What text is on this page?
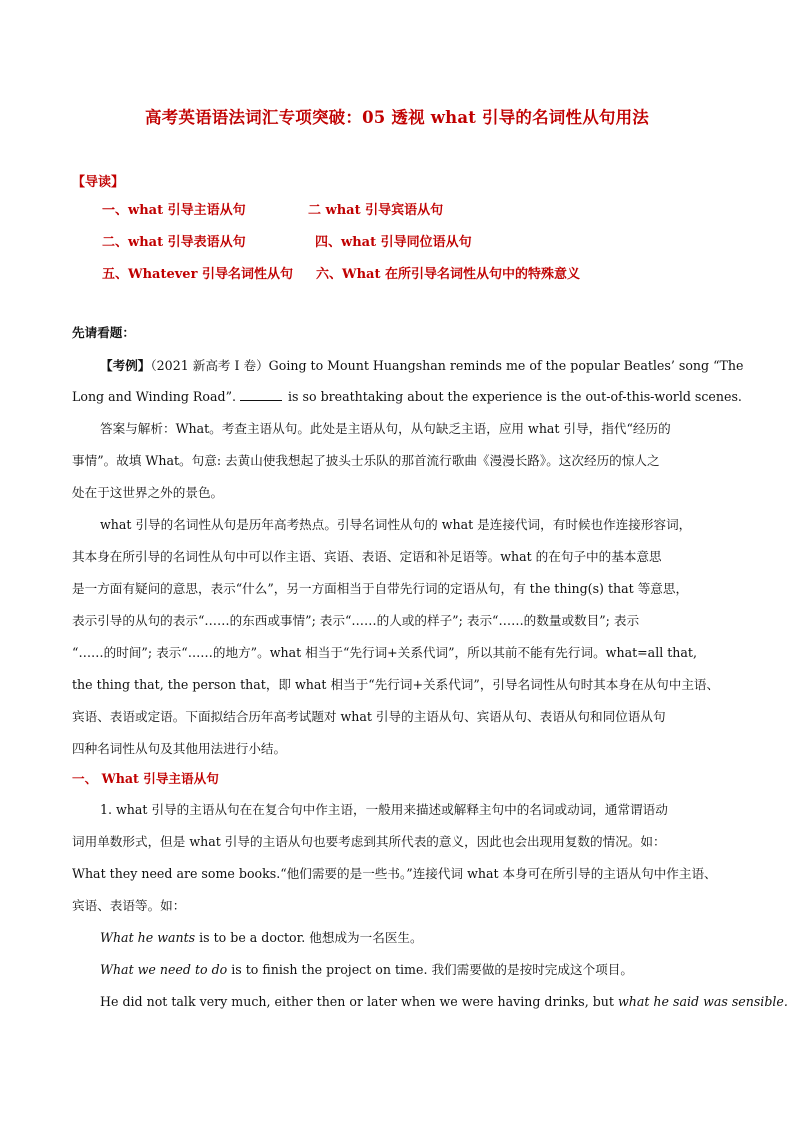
高考英语语法词汇专项突破：05 透视 what 引导的名词性从句用法
【导读】
一、what 引导主语从句	二 what 引导宾语从句
二、what 引导表语从句	四、what 引导同位语从句
五、Whatever 引导名词性从句 六、What 在所引导名词性从句中的特殊意义
先请看题：
【考例】（2021 新高考 I 卷）Going to Mount Huangshan reminds me of the popular Beatles’ song “The
Long and Winding Road”.	is so breathtaking about the experience is the out-of-this-world scenes.
答案与解析：What。考查主语从句。此处是主语从句，从句缺乏主语，应用 what 引导，指代“经历的
事情”。故填 What。句意: 去黄山使我想起了披头士乐队的那首流行歌曲《漫漫长路》。这次经历的惊人之
处在于这世界之外的景色。
what 引导的名词性从句是历年高考热点。引导名词性从句的 what 是连接代词，有时候也作连接形容词，
其本身在所引导的名词性从句中可以作主语、宾语、表语、定语和补足语等。what 的在句子中的基本意思
是一方面有疑问的意思，表示“什么”，另一方面相当于自带先行词的定语从句，有 the thing(s) that 等意思，
表示引导的从句的表示“……的东西或事情”; 表示“……的人或的样子”; 表示“……的数量或数目”; 表示
“……的时间”; 表示“……的地方”。what 相当于“先行词+关系代词”，所以其前不能有先行词。what=all that,
the thing that, the person that，即 what 相当于“先行词+关系代词”，引导名词性从句时其本身在从句中主语、
宾语、表语或定语。下面拟结合历年高考试题对 what 引导的主语从句、宾语从句、表语从句和同位语从句
四种名词性从句及其他用法进行小结。
一、 What 引导主语从句
1. what 引导的主语从句在在复合句中作主语，一般用来描述或解释主句中的名词或动词，通常谓语动
词用单数形式，但是 what 引导的主语从句也要考虑到其所代表的意义，因此也会出现用复数的情况。如：
What they need are some books.“他们需要的是一些书。”连接代词 what 本身可在所引导的主语从句中作主语、
宾语、表语等。如：
What he wants is to be a doctor. 他想成为一名医生。
What we need to do is to finish the project on time. 我们需要做的是按时完成这个项目。
He did not talk very much, either then or later when we were having drinks, but what he said was sensible.
